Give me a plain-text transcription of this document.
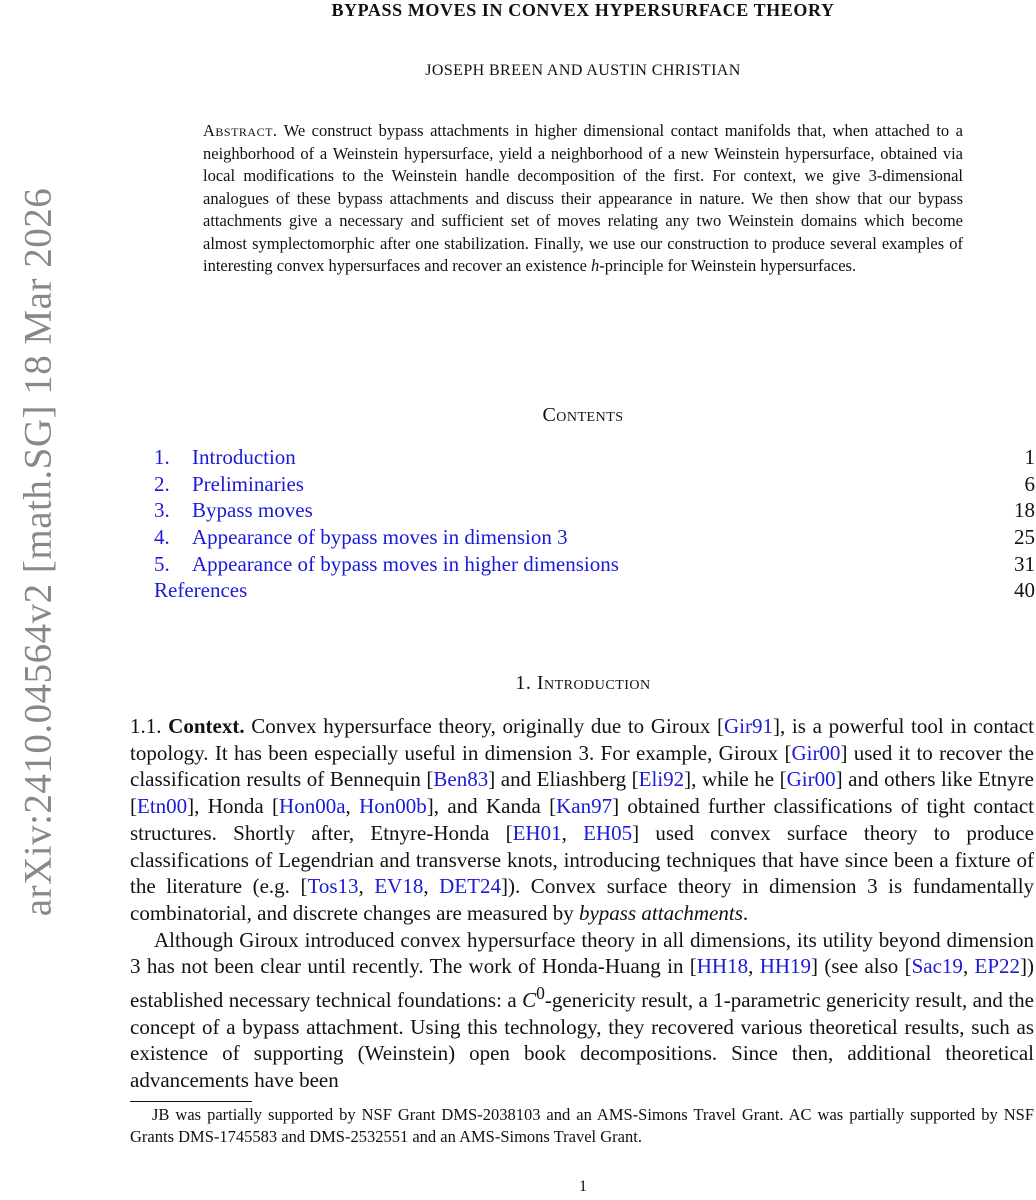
arXiv:2410.04564v2 [math.SG] 18 Mar 2026
BYPASS MOVES IN CONVEX HYPERSURFACE THEORY
JOSEPH BREEN AND AUSTIN CHRISTIAN
Abstract. We construct bypass attachments in higher dimensional contact manifolds that, when attached to a neighborhood of a Weinstein hypersurface, yield a neighborhood of a new Weinstein hypersurface, obtained via local modifications to the Weinstein handle decomposition of the first. For context, we give 3-dimensional analogues of these bypass attachments and discuss their appearance in nature. We then show that our bypass attachments give a necessary and sufficient set of moves relating any two Weinstein domains which become almost symplectomorphic after one stabilization. Finally, we use our construction to produce several examples of interesting convex hypersurfaces and recover an existence h-principle for Weinstein hypersurfaces.
Contents
1. Introduction	1
2. Preliminaries	6
3. Bypass moves	18
4. Appearance of bypass moves in dimension 3	25
5. Appearance of bypass moves in higher dimensions	31
References	40
1. Introduction

1.1. Context. Convex hypersurface theory, originally due to Giroux [Gir91], is a powerful tool in contact topology. It has been especially useful in dimension 3. For example, Giroux [Gir00] used it to recover the classification results of Bennequin [Ben83] and Eliashberg [Eli92], while he [Gir00] and others like Etnyre [Etn00], Honda [Hon00a, Hon00b], and Kanda [Kan97] obtained further classifications of tight contact structures. Shortly after, Etnyre-Honda [EH01, EH05] used convex surface theory to produce classifications of Legendrian and transverse knots, introducing techniques that have since been a fixture of the literature (e.g. [Tos13, EV18, DET24]). Convex surface theory in dimension 3 is fundamentally combinatorial, and discrete changes are measured by bypass attachments.

Although Giroux introduced convex hypersurface theory in all dimensions, its utility beyond dimension 3 has not been clear until recently. The work of Honda-Huang in [HH18, HH19] (see also [Sac19, EP22]) established necessary technical foundations: a $C^0$-genericity result, a 1-parametric genericity result, and the concept of a bypass attachment. Using this technology, they recovered various theoretical results, such as existence of supporting (Weinstein) open book decompositions. Since then, additional theoretical advancements have been

JB was partially supported by NSF Grant DMS-2038103 and an AMS-Simons Travel Grant. AC was partially supported by NSF Grants DMS-1745583 and DMS-2532551 and an AMS-Simons Travel Grant.
1
